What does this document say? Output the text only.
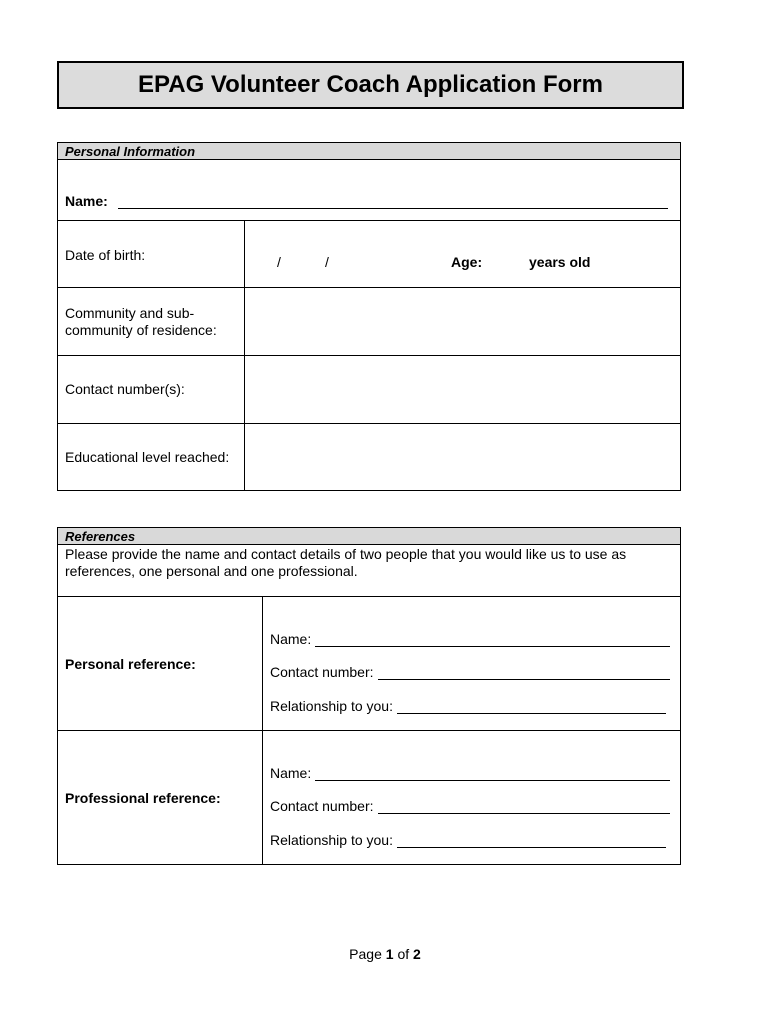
EPAG Volunteer Coach Application Form
Personal Information
Name:
Date of birth:	/	/	Age:	years old
Community and sub-community of residence:
Contact number(s):
Educational level reached:
References
Please provide the name and contact details of two people that you would like us to use as references, one personal and one professional.
Personal reference:
Name:
Contact number:
Relationship to you:
Professional reference:
Name:
Contact number:
Relationship to you:
Page 1 of 2
